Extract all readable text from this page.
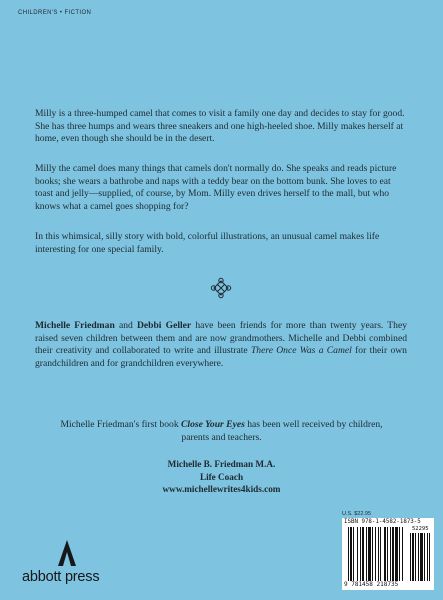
CHILDREN'S • FICTION

Milly is a three-humped camel that comes to visit a family one day and decides to stay for good. She has three humps and wears three sneakers and one high-heeled shoe. Milly makes herself at home, even though she should be in the desert.

Milly the camel does many things that camels don't normally do. She speaks and reads picture books; she wears a bathrobe and naps with a teddy bear on the bottom bunk. She loves to eat toast and jelly—supplied, of course, by Mom. Milly even drives herself to the mall, but who knows what a camel goes shopping for?

In this whimsical, silly story with bold, colorful illustrations, an unusual camel makes life interesting for one special family.

Michelle Friedman and Debbi Geller have been friends for more than twenty years. They raised seven children between them and are now grandmothers. Michelle and Debbi combined their creativity and collaborated to write and illustrate There Once Was a Camel for their own grandchildren and for grandchildren everywhere.

Michelle Friedman's first book Close Your Eyes has been well received by children, parents and teachers.

Michelle B. Friedman M.A.
Life Coach
www.michellewrites4kids.com
abbott press
U.S. $22.95
ISBN 978-1-4582-1873-5
52295
9 781458 218735
